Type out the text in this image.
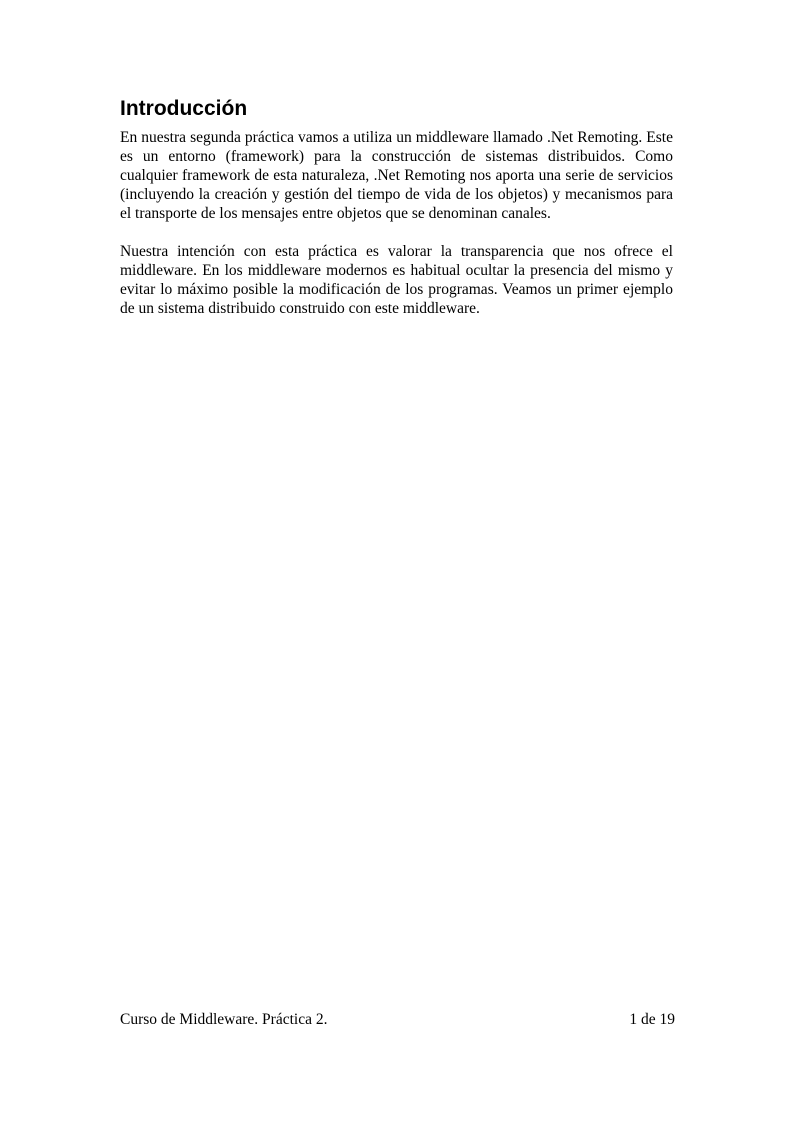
Introducción

En nuestra segunda práctica vamos a utiliza un middleware llamado .Net Remoting. Este es un entorno (framework) para la construcción de sistemas distribuidos. Como cualquier framework de esta naturaleza, .Net Remoting nos aporta una serie de servicios (incluyendo la creación y gestión del tiempo de vida de los objetos) y mecanismos para el transporte de los mensajes entre objetos que se denominan canales.

Nuestra intención con esta práctica es valorar la transparencia que nos ofrece el middleware. En los middleware modernos es habitual ocultar la presencia del mismo y evitar lo máximo posible la modificación de los programas. Veamos un primer ejemplo de un sistema distribuido construido con este middleware.

Curso de Middleware. Práctica 2.	1 de 19
